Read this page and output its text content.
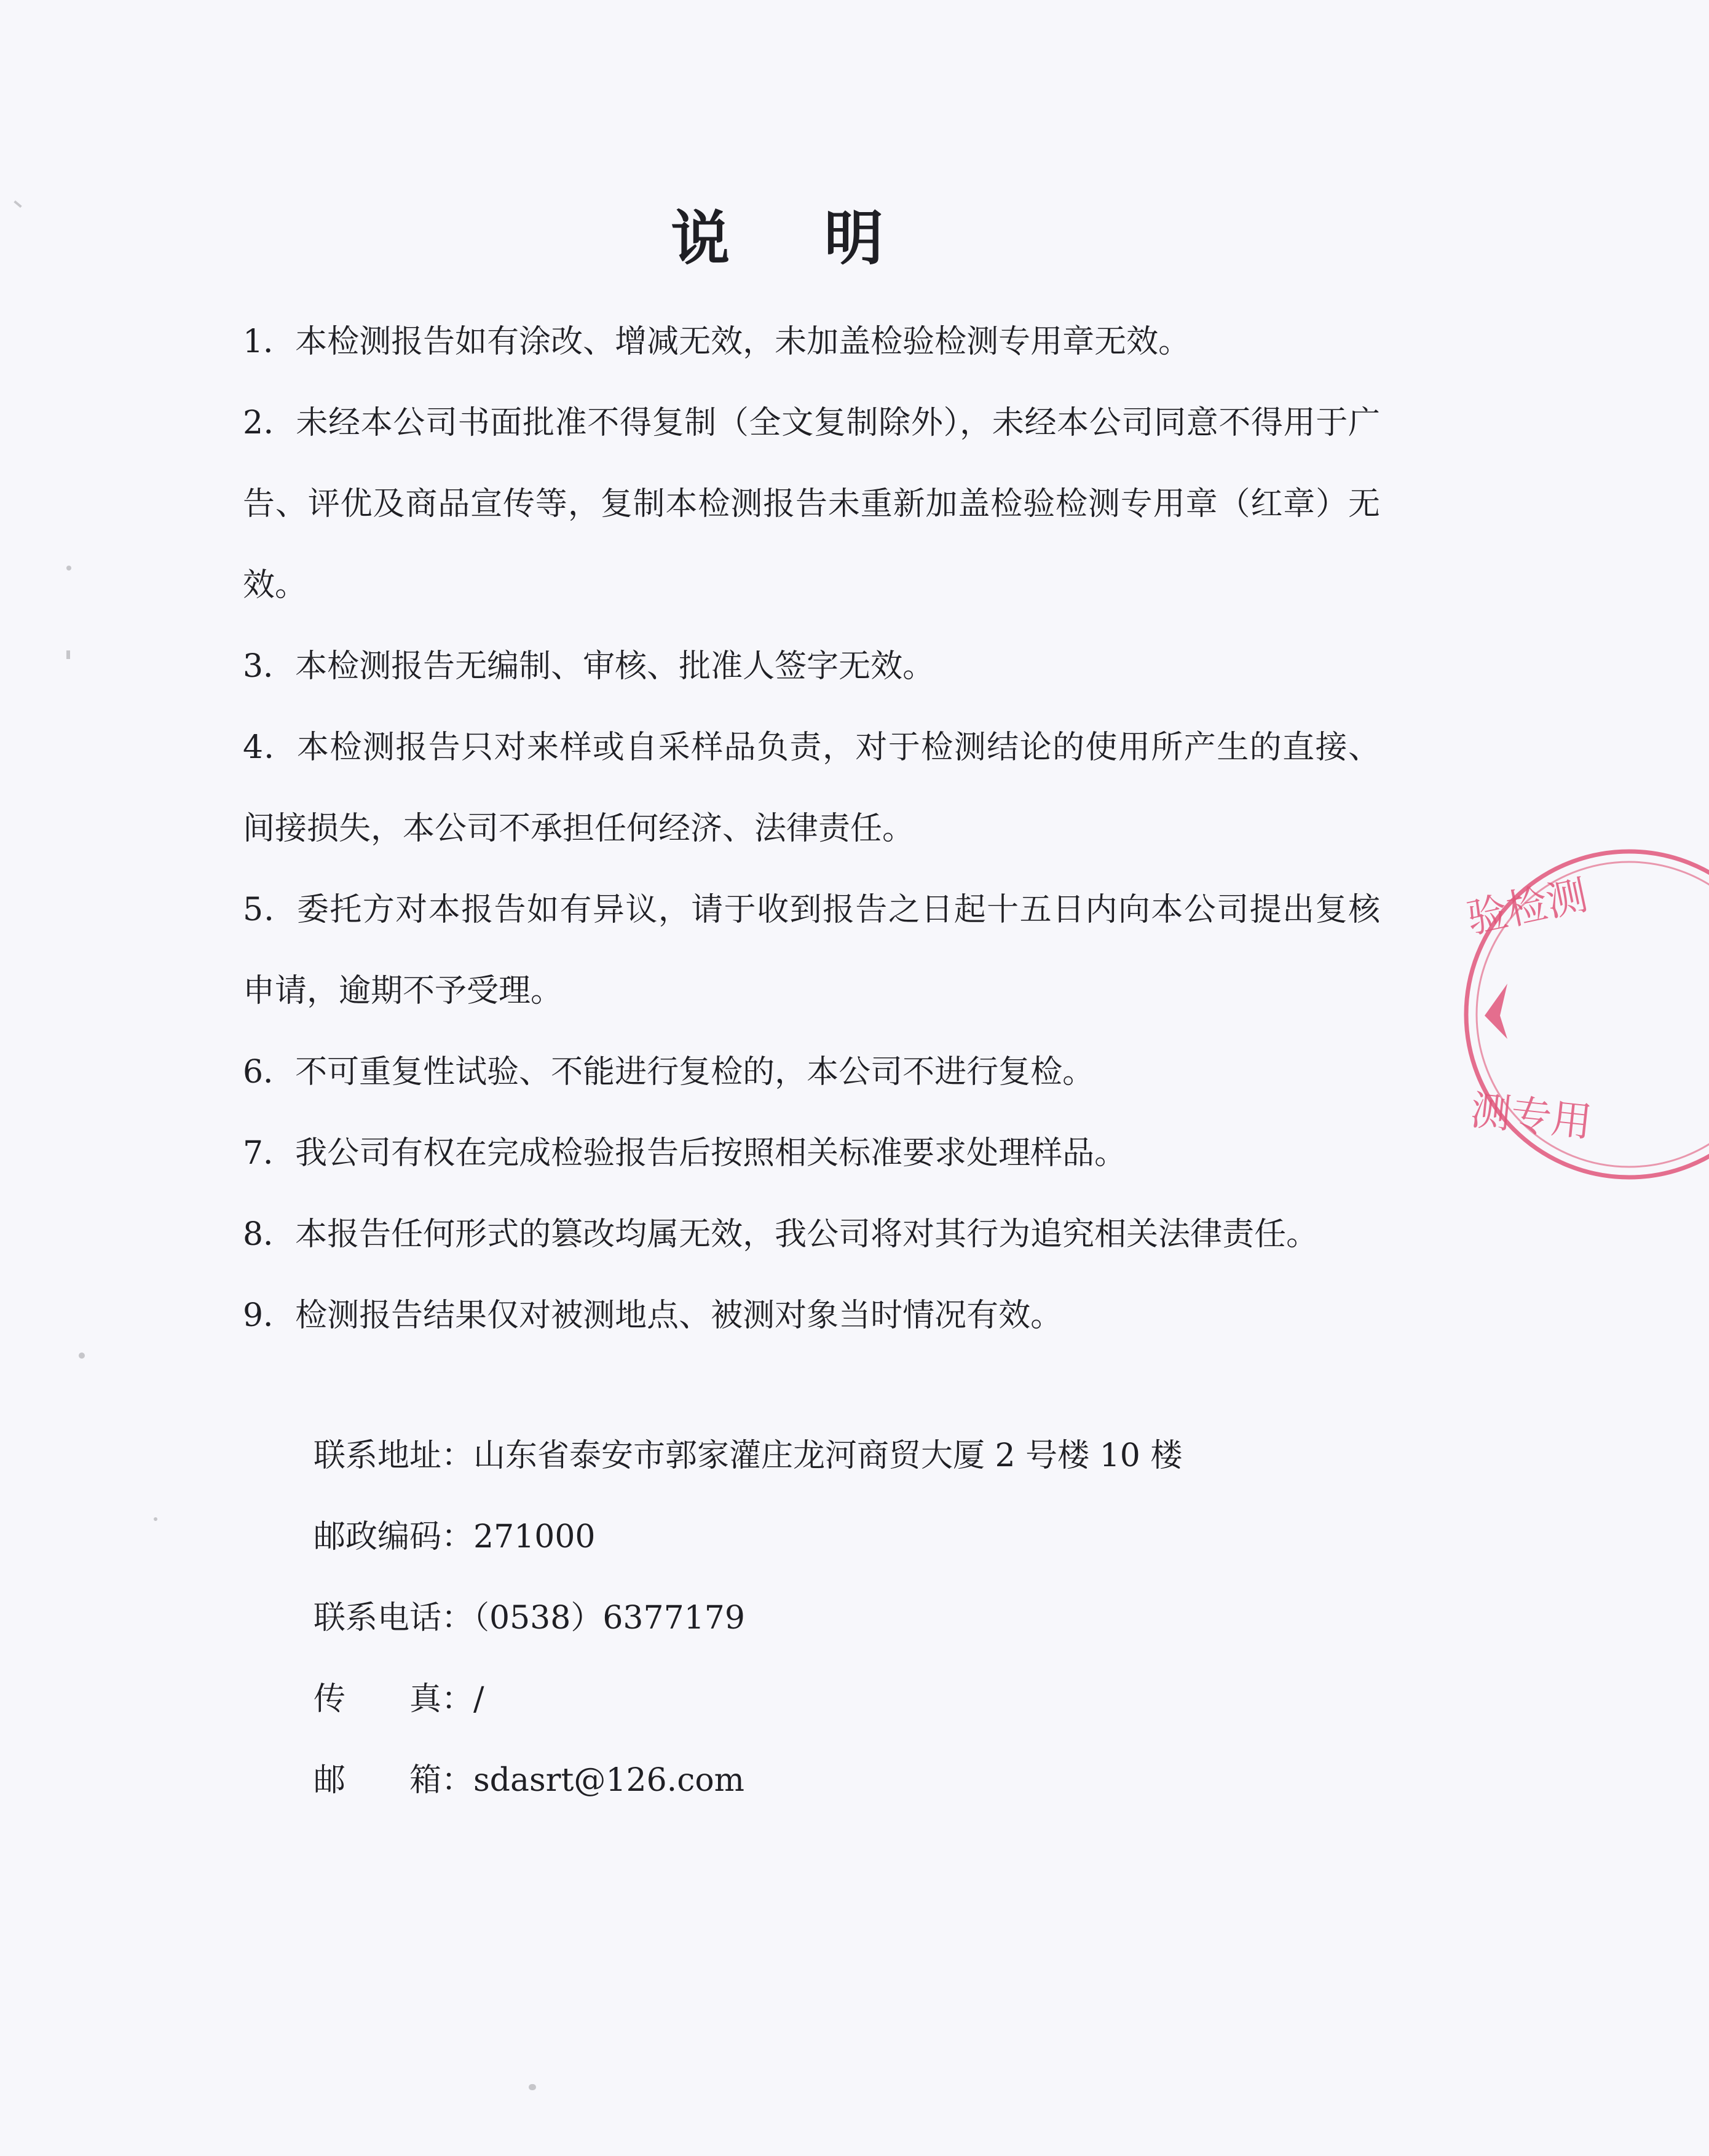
说 明

1．本检测报告如有涂改、增减无效，未加盖检验检测专用章无效。

2．未经本公司书面批准不得复制（全文复制除外），未经本公司同意不得用于广告、评优及商品宣传等，复制本检测报告未重新加盖检验检测专用章（红章）无效。

3．本检测报告无编制、审核、批准人签字无效。

4．本检测报告只对来样或自采样品负责，对于检测结论的使用所产生的直接、间接损失，本公司不承担任何经济、法律责任。

5．委托方对本报告如有异议，请于收到报告之日起十五日内向本公司提出复核申请，逾期不予受理。

6．不可重复性试验、不能进行复检的，本公司不进行复检。

7．我公司有权在完成检验报告后按照相关标准要求处理样品。

8．本报告任何形式的篡改均属无效，我公司将对其行为追究相关法律责任。

9．检测报告结果仅对被测地点、被测对象当时情况有效。

联系地址：山东省泰安市郭家灌庄龙河商贸大厦 2 号楼 10 楼

邮政编码：271000

联系电话：（0538）6377179

传　　真：/

邮　　箱：sdasrt@126.com

验检测
测专用
